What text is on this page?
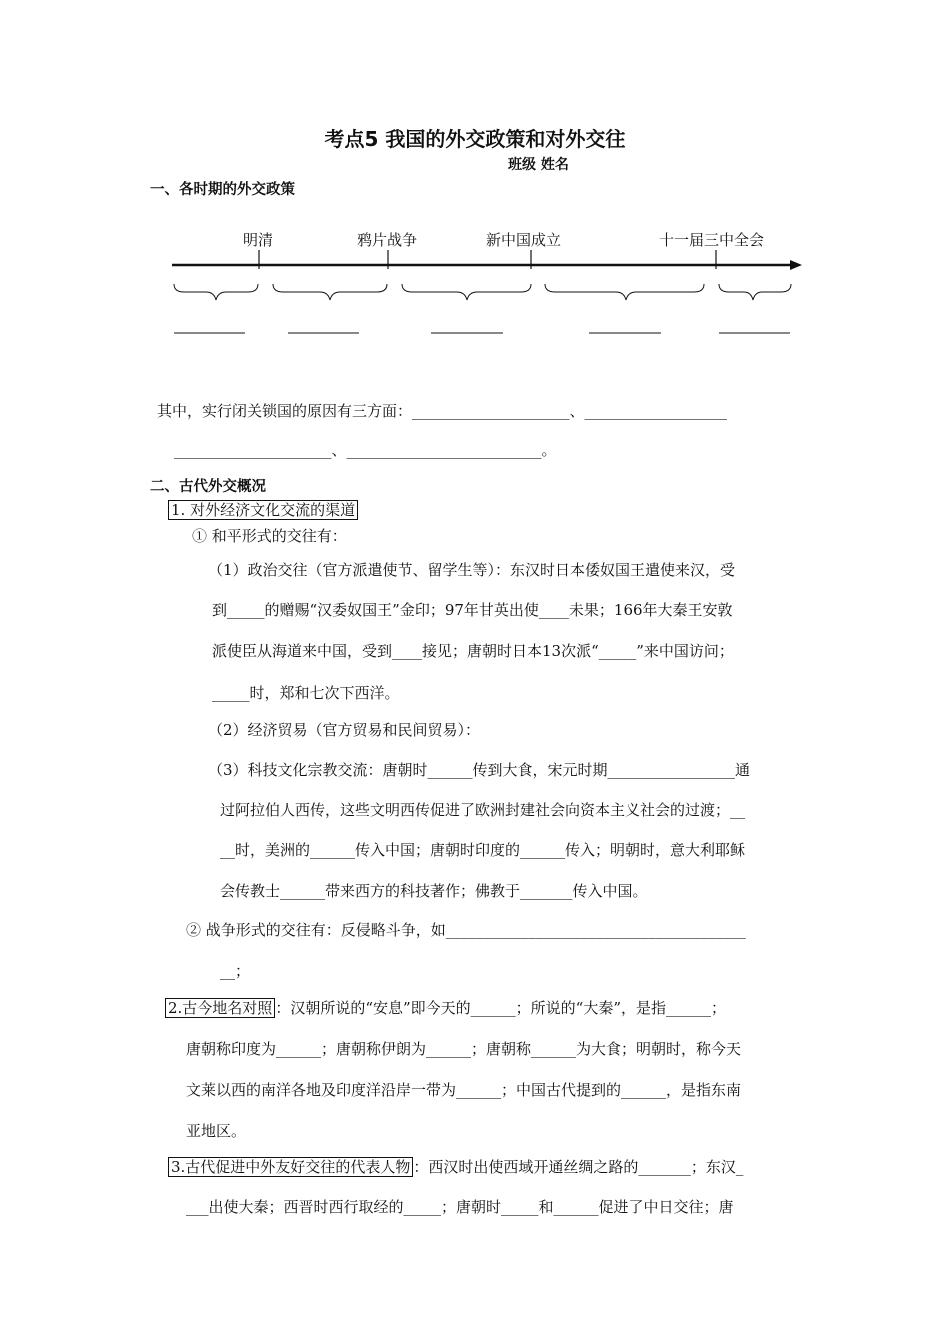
考点5 我国的外交政策和对外交往
班级 姓名
一、各时期的外交政策
明清	鸦片战争	新中国成立	十一届三中全会
其中，实行闭关锁国的原因有三方面：_____________________、___________________
_____________________、__________________________。
二、古代外交概况
1. 对外经济文化交流的渠道
① 和平形式的交往有：
（1）政治交往（官方派遣使节、留学生等）：东汉时日本倭奴国王遣使来汉，受
到_____的赠赐“汉委奴国王”金印；97年甘英出使____未果；166年大秦王安敦
派使臣从海道来中国，受到____接见；唐朝时日本13次派“_____”来中国访问；
_____时，郑和七次下西洋。
（2）经济贸易（官方贸易和民间贸易）：
（3）科技文化宗教交流：唐朝时______传到大食，宋元时期_________________通
过阿拉伯人西传，这些文明西传促进了欧洲封建社会向资本主义社会的过渡；__
__时，美洲的______传入中国；唐朝时印度的______传入；明朝时，意大利耶稣
会传教士______带来西方的科技著作；佛教于_______传入中国。
② 战争形式的交往有：反侵略斗争，如________________________________________
__；
2.古今地名对照 ：汉朝所说的“安息”即今天的______；所说的“大秦”，是指______；
唐朝称印度为______；唐朝称伊朗为______；唐朝称______为大食；明朝时，称今天
文莱以西的南洋各地及印度洋沿岸一带为______；中国古代提到的______，是指东南
亚地区。
3.古代促进中外友好交往的代表人物 ：西汉时出使西域开通丝绸之路的_______；东汉_
___出使大秦；西晋时西行取经的_____；唐朝时_____和______促进了中日交往；唐
